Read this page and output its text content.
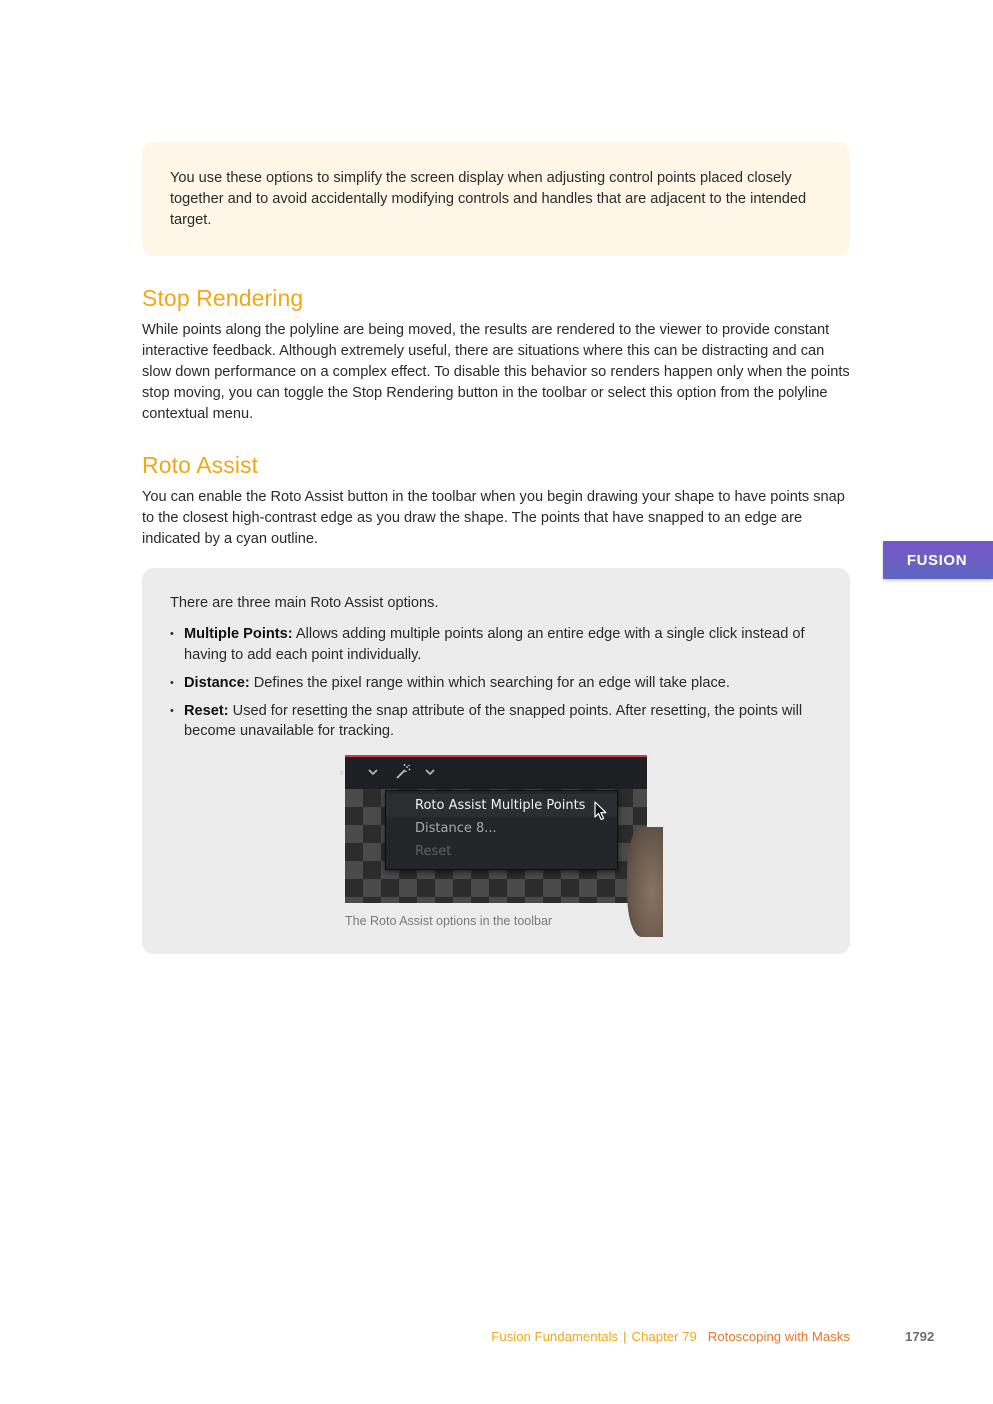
You use these options to simplify the screen display when adjusting control points placed closely together and to avoid accidentally modifying controls and handles that are adjacent to the intended target.

Stop Rendering

While points along the polyline are being moved, the results are rendered to the viewer to provide constant interactive feedback. Although extremely useful, there are situations where this can be distracting and can slow down performance on a complex effect. To disable this behavior so renders happen only when the points stop moving, you can toggle the Stop Rendering button in the toolbar or select this option from the polyline contextual menu.

Roto Assist

You can enable the Roto Assist button in the toolbar when you begin drawing your shape to have points snap to the closest high-contrast edge as you draw the shape. The points that have snapped to an edge are indicated by a cyan outline.

FUSION

There are three main Roto Assist options.

• Multiple Points: Allows adding multiple points along an entire edge with a single click instead of having to add each point individually.
• Distance: Defines the pixel range within which searching for an edge will take place.
• Reset: Used for resetting the snap attribute of the snapped points. After resetting, the points will become unavailable for tracking.
◦
Roto Assist Multiple Points
Distance 8...
Reset

The Roto Assist options in the toolbar

Fusion Fundamentals | Chapter 79 Rotoscoping with Masks	1792
